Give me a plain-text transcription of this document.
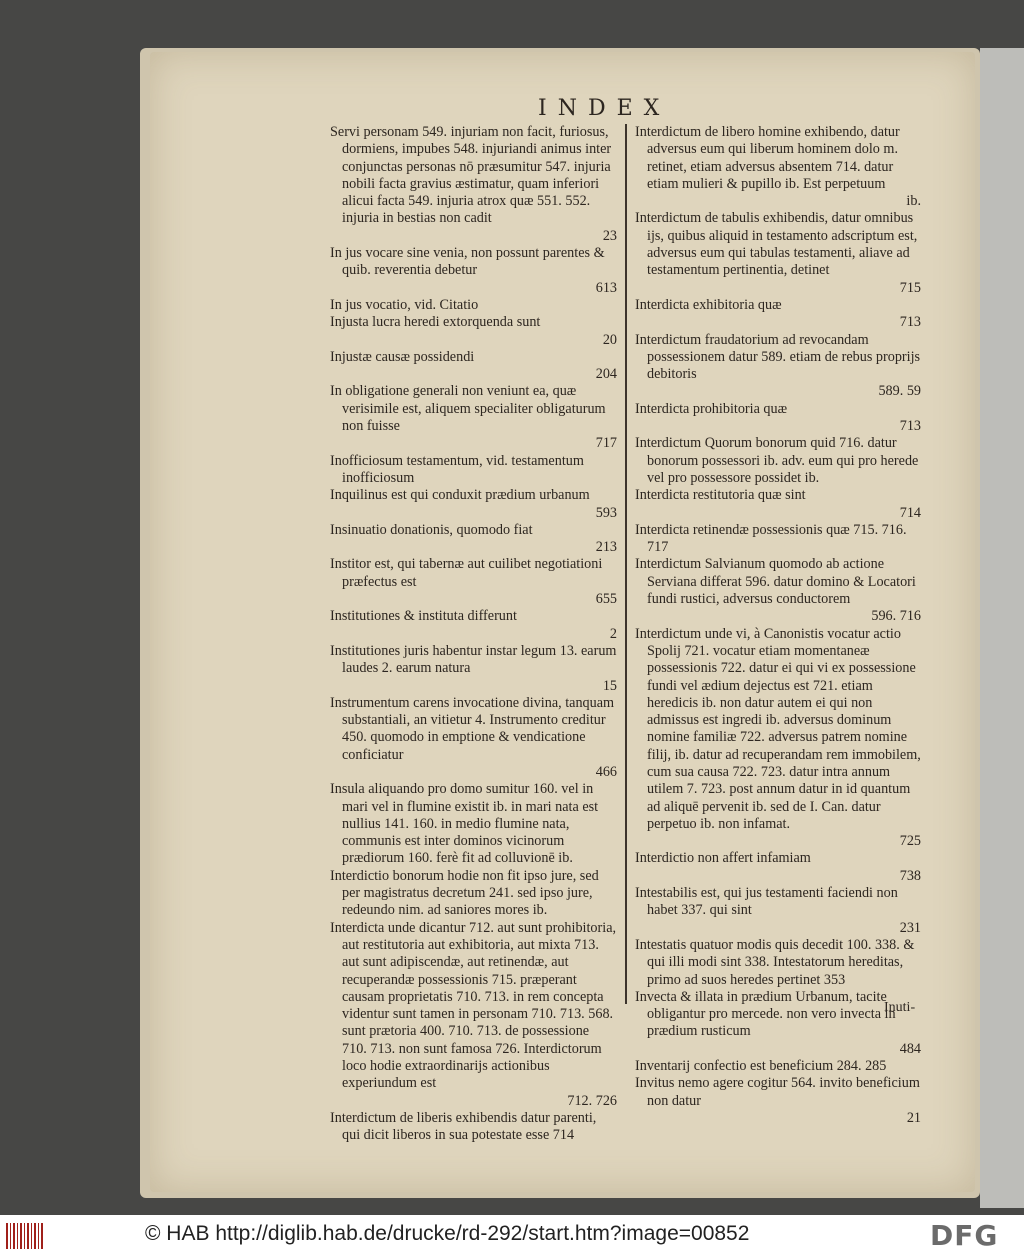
INDEX
Servi personam 549. injuriam non facit, furiosus, dormiens, impubes 548. injuriandi animus inter conjunctas personas nō præsumitur 547. injuria nobili facta gravius æstimatur, quam inferiori alicui facta 549. injuria atrox quæ 551. 552. injuria in bestias non cadit
23
In jus vocare sine venia, non possunt parentes & quib. reverentia debetur
613
In jus vocatio, vid. Citatio
Injusta lucra heredi extorquenda sunt
20
Injustæ causæ possidendi
204
In obligatione generali non veniunt ea, quæ verisimile est, aliquem specialiter obligaturum non fuisse
717
Inofficiosum testamentum, vid. testamentum inofficiosum
Inquilinus est qui conduxit prædium urbanum
593
Insinuatio donationis, quomodo fiat
213
Institor est, qui tabernæ aut cuilibet negotiationi præfectus est
655
Institutiones & instituta differunt
2
Institutiones juris habentur instar legum 13. earum laudes 2. earum natura
15
Instrumentum carens invocatione divina, tanquam substantiali, an vitietur 4. Instrumento creditur 450. quomodo in emptione & vendicatione conficiatur
466
Insula aliquando pro domo sumitur 160. vel in mari vel in flumine existit ib. in mari nata est nullius 141. 160. in medio flumine nata, communis est inter dominos vicinorum prædiorum 160. ferè fit ad colluvionē ib.
Interdictio bonorum hodie non fit ipso jure, sed per magistratus decretum 241. sed ipso jure, redeundo nim. ad saniores mores ib.
Interdicta unde dicantur 712. aut sunt prohibitoria, aut restitutoria aut exhibitoria, aut mixta 713. aut sunt adipiscendæ, aut retinendæ, aut recuperandæ possessionis 715. præperant causam proprietatis 710. 713. in rem concepta videntur sunt tamen in personam 710. 713. 568. sunt prætoria 400. 710. 713. de possessione 710. 713. non sunt famosa 726. Interdictorum loco hodie extraordinarijs actionibus experiundum est
712. 726
Interdictum de liberis exhibendis datur parenti, qui dicit liberos in sua potestate esse 714
Interdictum de libero homine exhibendo, datur adversus eum qui liberum hominem dolo m. retinet, etiam adversus absentem 714. datur etiam mulieri & pupillo ib. Est perpetuum
ib.
Interdictum de tabulis exhibendis, datur omnibus ijs, quibus aliquid in testamento adscriptum est, adversus eum qui tabulas testamenti, aliave ad testamentum pertinentia, detinet
715
Interdicta exhibitoria quæ
713
Interdictum fraudatorium ad revocandam possessionem datur 589. etiam de rebus proprijs debitoris
589. 59
Interdicta prohibitoria quæ
713
Interdictum Quorum bonorum quid 716. datur bonorum possessori ib. adv. eum qui pro herede vel pro possessore possidet ib.
Interdicta restitutoria quæ sint
714
Interdicta retinendæ possessionis quæ 715. 716. 717
Interdictum Salvianum quomodo ab actione Serviana differat 596. datur domino & Locatori fundi rustici, adversus conductorem
596. 716
Interdictum unde vi, à Canonistis vocatur actio Spolij 721. vocatur etiam momentaneæ possessionis 722. datur ei qui vi ex possessione fundi vel ædium dejectus est 721. etiam heredicis ib. non datur autem ei qui non admissus est ingredi ib. adversus dominum nomine familiæ 722. adversus patrem nomine filij, ib. datur ad recuperandam rem immobilem, cum sua causa 722. 723. datur intra annum utilem 7. 723. post annum datur in id quantum ad aliquē pervenit ib. sed de I. Can. datur perpetuo ib. non infamat.
725
Interdictio non affert infamiam
738
Intestabilis est, qui jus testamenti faciendi non habet 337. qui sint
231
Intestatis quatuor modis quis decedit 100. 338. & qui illi modi sint 338. Intestatorum hereditas, primo ad suos heredes pertinet 353
Invecta & illata in prædium Urbanum, tacite obligantur pro mercede. non vero invecta in prædium rusticum
484
Inventarij confectio est beneficium 284. 285
Invitus nemo agere cogitur 564. invito beneficium non datur
21
Inuti-
© HAB http://diglib.hab.de/drucke/rd-292/start.htm?image=00852	DFG
